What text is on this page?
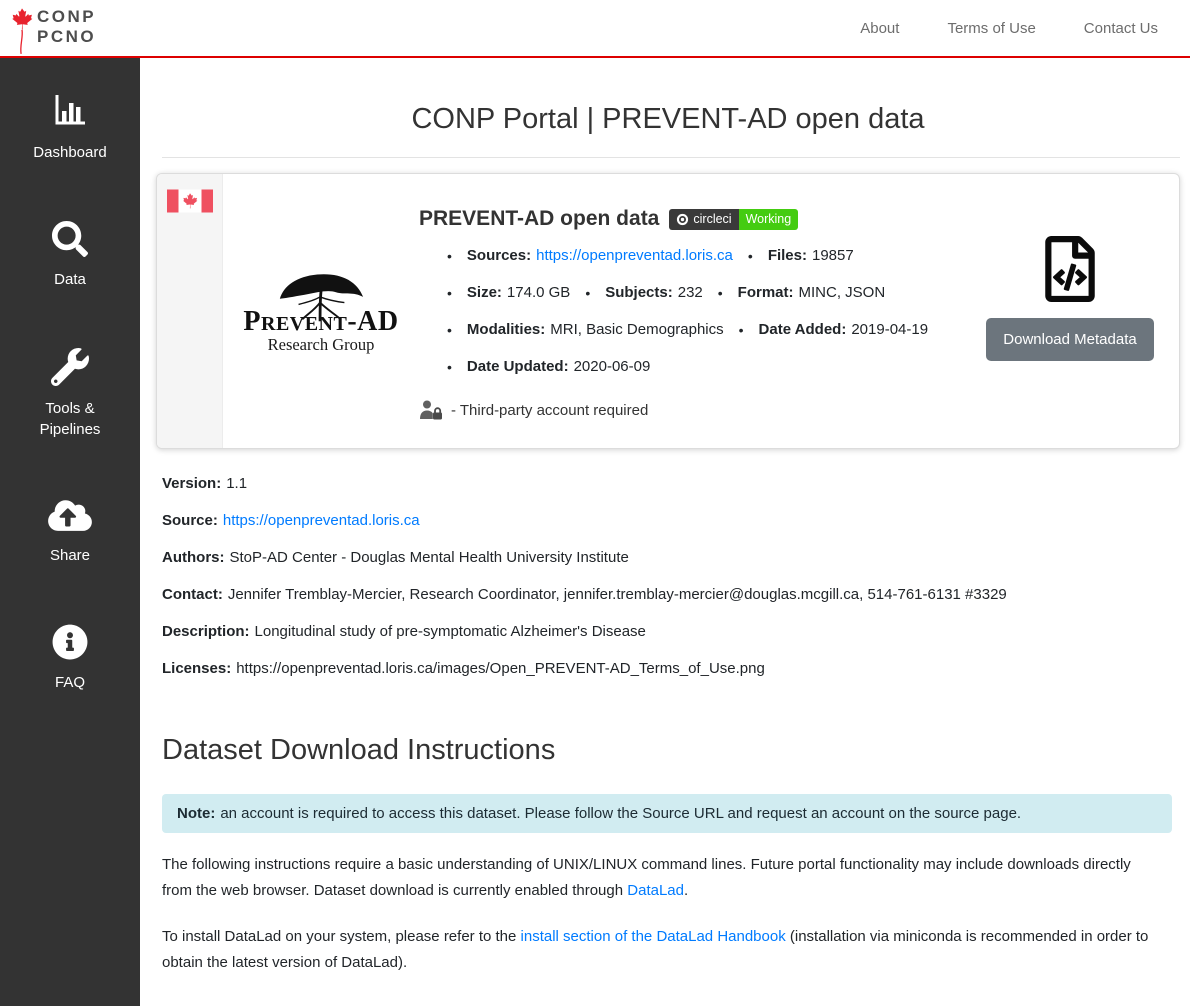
CONP
PCNO	About	Terms of Use	Contact Us
Dashboard
Data
Tools & Pipelines
Share
FAQ
CONP Portal | PREVENT-AD open data
Prevent-AD
Research Group
PREVENT-AD open data	circleci	Working
•
Sources: https://openpreventad.loris.ca • Files: 19857
•
Size: 174.0 GB • Subjects: 232 • Format: MINC, JSON
•
Modalities: MRI, Basic Demographics • Date Added: 2019-04-19
•
Date Updated: 2020-06-09
- Third-party account required
Download Metadata
Version: 1.1
Source: https://openpreventad.loris.ca
Authors: StoP-AD Center - Douglas Mental Health University Institute
Contact: Jennifer Tremblay-Mercier, Research Coordinator, jennifer.tremblay-mercier@douglas.mcgill.ca, 514-761-6131 #3329
Description: Longitudinal study of pre-symptomatic Alzheimer's Disease
Licenses: https://openpreventad.loris.ca/images/Open_PREVENT-AD_Terms_of_Use.png
Dataset Download Instructions
Note: an account is required to access this dataset. Please follow the Source URL and request an account on the source page.

The following instructions require a basic understanding of UNIX/LINUX command lines. Future portal functionality may include downloads directly from the web browser. Dataset download is currently enabled through DataLad.

To install DataLad on your system, please refer to the install section of the DataLad Handbook (installation via miniconda is recommended in order to obtain the latest version of DataLad).
